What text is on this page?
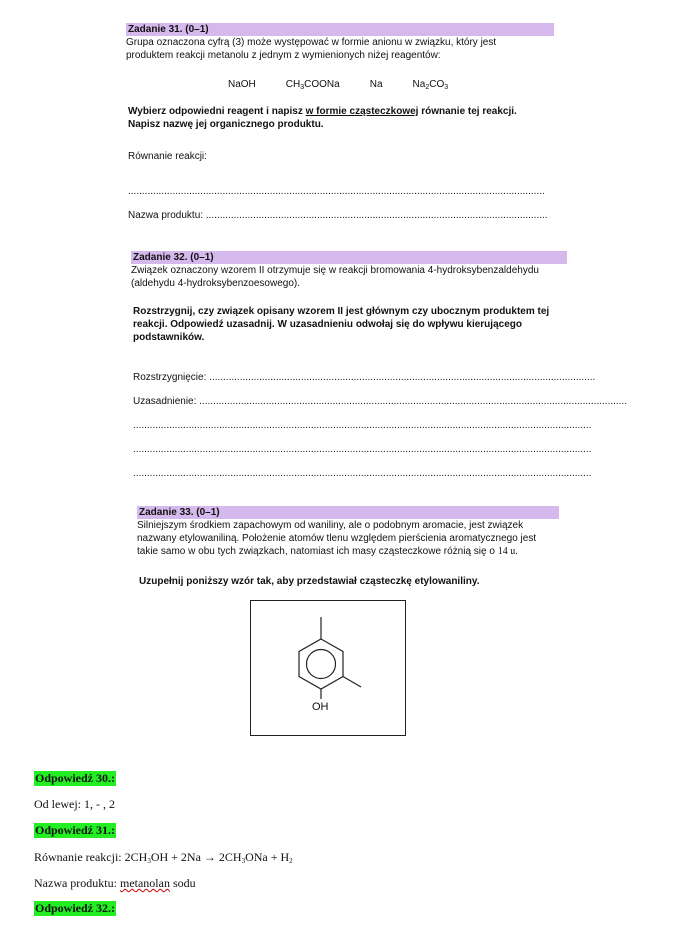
Zadanie 31. (0–1)

Grupa oznaczona cyfrą (3) może występować w formie anionu w związku, który jest

produktem reakcji metanolu z jednym z wymienionych niżej reagentów:

NaOH	$CH_3COONa$	Na	$Na_2CO_3$

Wybierz odpowiedni reagent i napisz w formie cząsteczkowej równanie tej reakcji.

Napisz nazwę jej organicznego produktu.

Równanie reakcji:
......................................................................................................................................................
Nazwa produktu: ...........................................................................................................................
Zadanie 32. (0–1)

Związek oznaczony wzorem II otrzymuje się w reakcji bromowania 4-hydroksybenzaldehydu

(aldehydu 4-hydroksybenzoesowego).

Rozstrzygnij, czy związek opisany wzorem II jest głównym czy ubocznym produktem tej

reakcji. Odpowiedź uzasadnij. W uzasadnieniu odwołaj się do wpływu kierującego

podstawników.

Rozstrzygnięcie: ...........................................................................................................................................
Uzasadnienie: ..........................................................................................................................................................
.....................................................................................................................................................................
.....................................................................................................................................................................
.....................................................................................................................................................................
Zadanie 33. (0–1)

Silniejszym środkiem zapachowym od waniliny, ale o podobnym aromacie, jest związek

nazwany etylowaniliną. Położenie atomów tlenu względem pierścienia aromatycznego jest

takie samo w obu tych związkach, natomiast ich masy cząsteczkowe różnią się o 14 u.

Uzupełnij poniższy wzór tak, aby przedstawiał cząsteczkę etylowaniliny.
OH
Odpowiedź 30.:
Od lewej: 1, - , 2
Odpowiedź 31.:
Równanie reakcji: $2CH_3OH + 2Na \to 2CH_3ONa + H_2$
Nazwa produktu: metanolan sodu
Odpowiedź 32.:
